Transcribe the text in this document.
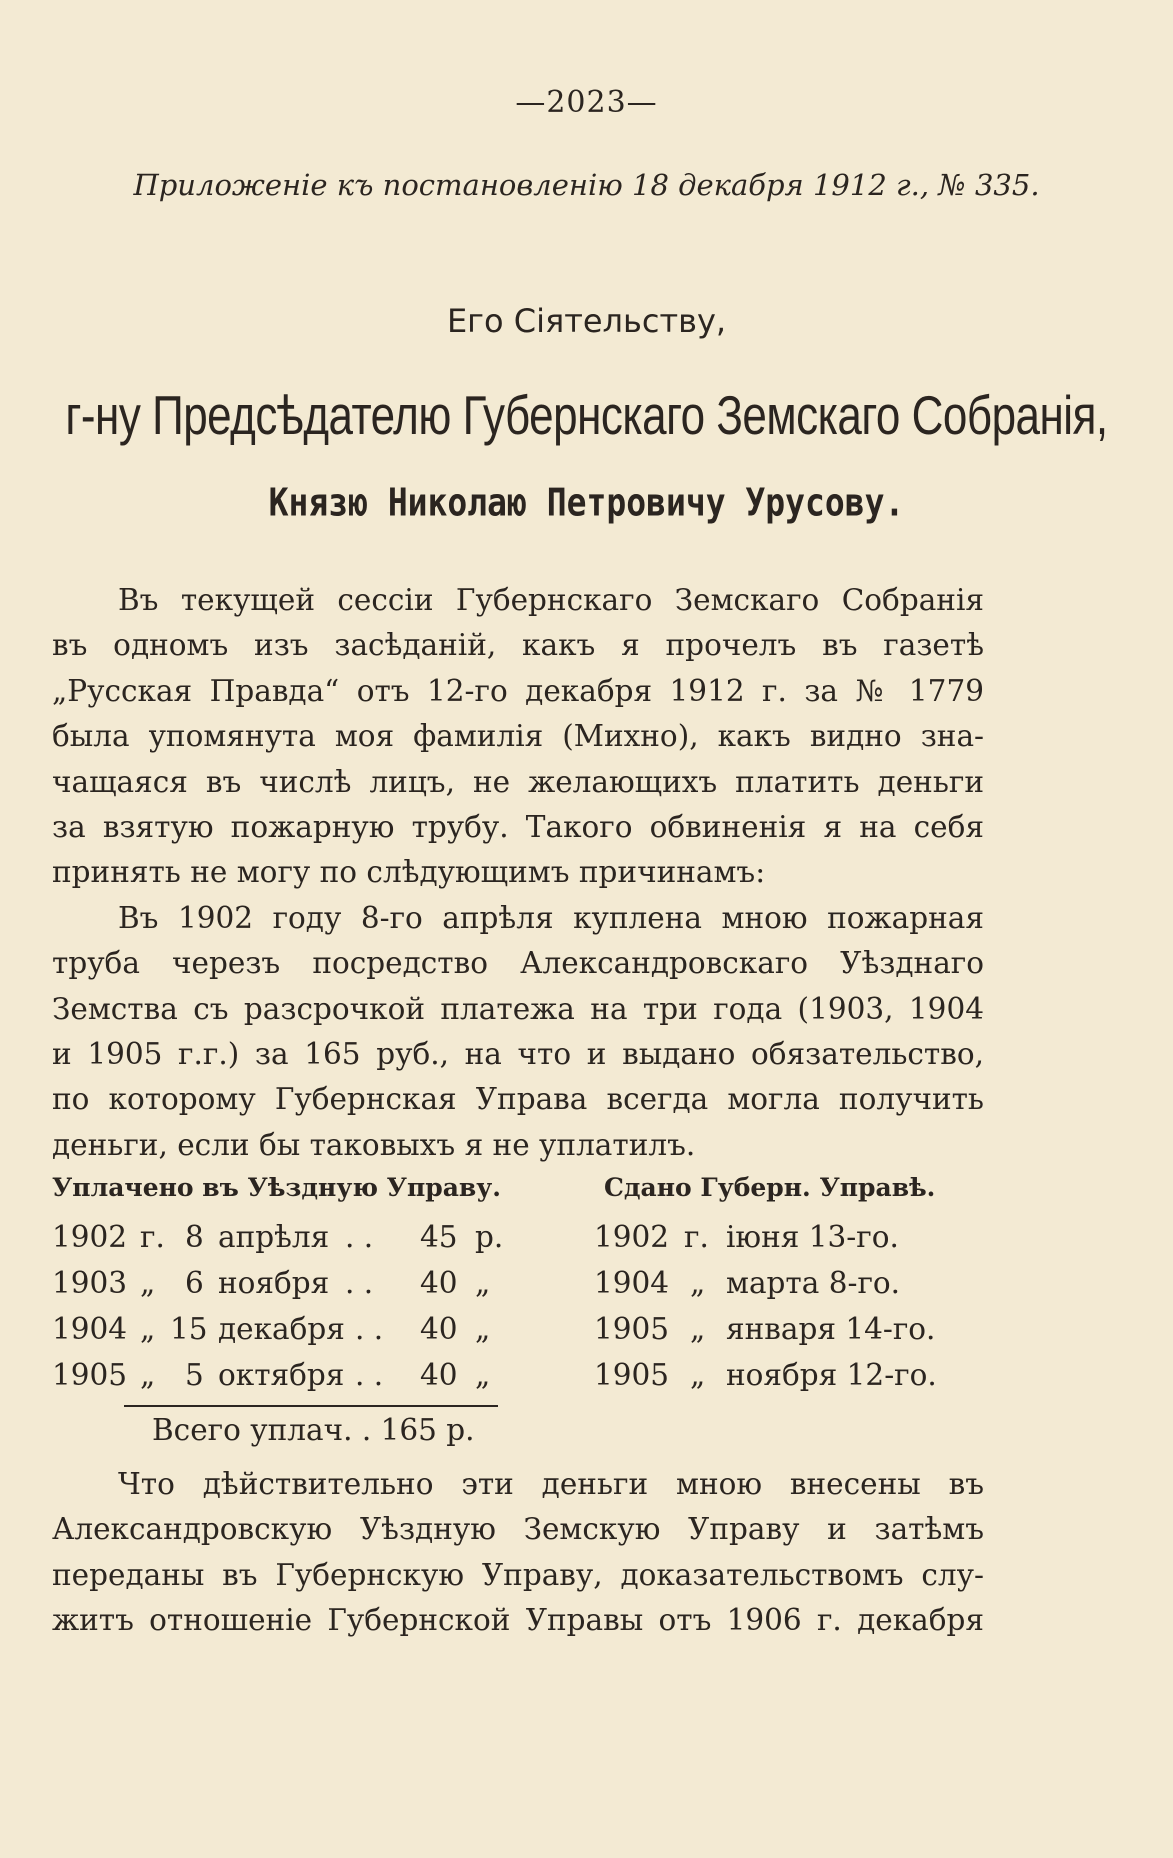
—2023—
Приложенiе къ постановленiю 18 декабря 1912 г., № 335.
Его Сiятельству,
г-ну Предсѣдателю Губернскаго Земскаго Собранiя,
Князю Николаю Петровичу Урусову.
Въ текущей сессiи Губернскаго Земскаго Собранiя
въ одномъ изъ засѣданiй, какъ я прочелъ въ газетѣ
„Русская Правда“ отъ 12-го декабря 1912 г. за № 1779
была упомянута моя фамилiя (Михно), какъ видно зна-
чащаяся въ числѣ лицъ, не желающихъ платить деньги
за взятую пожарную трубу. Такого обвиненiя я на себя
принять не могу по слѣдующимъ причинамъ:
Въ 1902 году 8-го апрѣля куплена мною пожарная
труба черезъ посредство Александровскаго Уѣзднаго
Земства съ разсрочкой платежа на три года (1903, 1904
и 1905 г.г.) за 165 руб., на что и выдано обязательство,
по которому Губернская Управа всегда могла получить
деньги, если бы таковыхъ я не уплатилъ.
Уплачено въ Уѣздную Управу.	Сдано Губерн. Управѣ.
1902 г. 8 апрѣля . . 45 р.	1902 г. iюня 13-го.
1903 „ 6 ноября . . 40 „	1904 „ марта 8-го.
1904 „ 15 декабря . . 40 „	1905 „ января 14-го.
1905 „ 5 октября . . 40 „	1905 „ ноября 12-го.
Всего уплач. . 165 р.
Что дѣйствительно эти деньги мною внесены въ
Александровскую Уѣздную Земскую Управу и затѣмъ
переданы въ Губернскую Управу, доказательствомъ слу-
житъ отношенiе Губернской Управы отъ 1906 г. декабря
